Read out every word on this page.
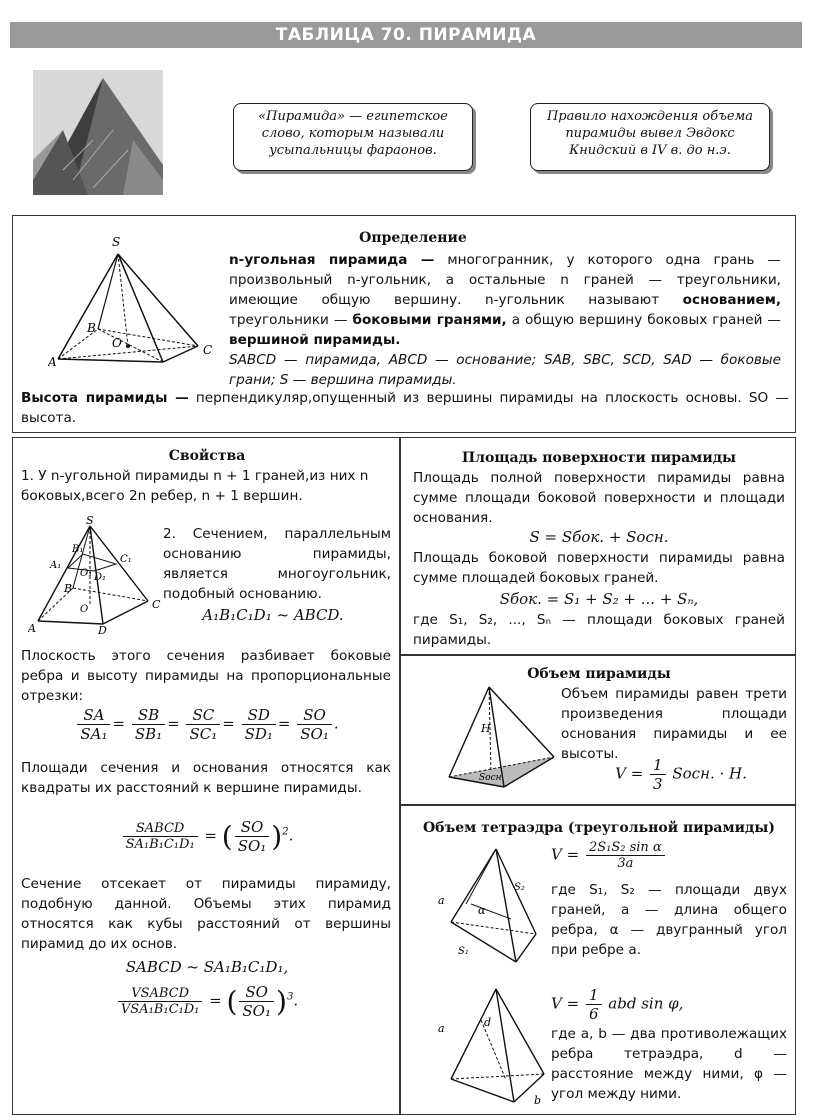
ТАБЛИЦА 70. ПИРАМИДА
«Пирамида» — египетское слово, которым называли усыпальницы фараонов.
Правило нахождения объема пирамиды вывел Эвдокс Книдский в IV в. до н.э.
S
A
B
C
O
Определение
n-угольная пирамида — многогранник, у которого одна грань — произвольный n-угольник, а остальные n граней — треугольники, имеющие общую вершину. n-угольник называют основанием, треугольники — боковыми гранями, а общую вершину боковых граней — вершиной пирамиды.

SABCD — пирамида, ABCD — основание; SAB, SBC, SCD, SAD — боковые грани; S — вершина пирамиды.

Высота пирамиды — перпендикуляр,опущенный из вершины пирамиды на плоскость основы. SO — высота.
Свойства
1. У n-угольной пирамиды n + 1 граней,из них n боковых,всего 2n ребер, n + 1 вершин.
S
A
B
C
D
A₁
B₁
C₁
D₁
O₁
O
2. Сечением, параллельным основанию пирамиды, является многоугольник, подобный основанию.
A₁B₁C₁D₁ ~ ABCD.
Плоскость этого сечения разбивает боковые ребра и высоту пирамиды на пропорциональные отрезки:
$\frac{SA}{\text{SA₁}} = \frac{SB}{\text{SB₁}} = \frac{SC}{\text{SC₁}} = \frac{SD}{\text{SD₁}} = \frac{SO}{\text{SO₁}}$ .
Площади сечения и основания относятся как квадраты их расстояний к вершине пирамиды.
$\frac{\text{SABCD}}{\text{SA₁B₁C₁D₁}}$ = ( $\frac{SO}{\text{SO₁}} )^2$.
Сечение отсекает от пирамиды пирамиду, подобную данной. Объемы этих пирамид относятся как кубы расстояний от вершины пирамид до их основ.
SABCD ~ SA₁B₁C₁D₁,
$\frac{\text{VSABCD}}{\text{VSA₁B₁C₁D₁}}$ = ( $\frac{SO}{\text{SO₁}} )^3$.
Площадь поверхности пирамиды
Площадь полной поверхности пирамиды равна сумме площади боковой поверхности и площади основания.
S = Sбок. + Sосн.
Площадь боковой поверхности пирамиды равна сумме площадей боковых граней.
Sбок. = S₁ + S₂ + ... + Sₙ,
где S₁, S₂, ..., Sₙ — площади боковых граней пирамиды.
Объем пирамиды
H
Sосн
Объем пирамиды равен трети произведения площади основания пирамиды и ее высоты.
$V = \frac{1}{3}$ Sосн. · H.
Объем тетраэдра (треугольной пирамиды)
a
α
S₁
S₂
$V = \frac{\text{2S₁S₂ sin α}}{3a}$
где S₁, S₂ — площади двух граней, a — длина общего ребра, α — двугранный угол при ребре a.
a	d
b
$V = \frac{1}{6}$ abd sin φ,
где a, b — два противолежащих ребра тетраэдра, d — расстояние между ними, φ — угол между ними.
